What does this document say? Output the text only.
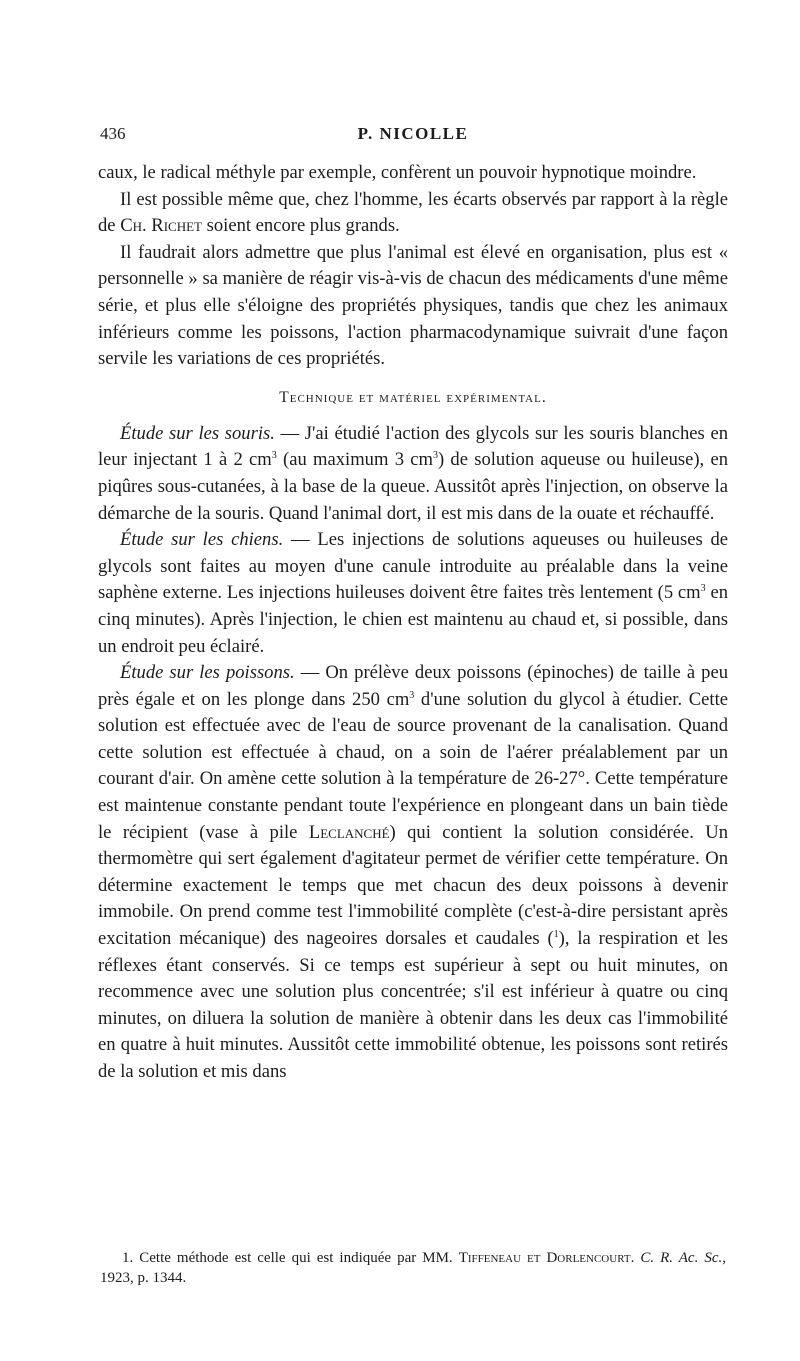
436	P. NICOLLE

caux, le radical méthyle par exemple, confèrent un pouvoir hypnotique moindre.

Il est possible même que, chez l'homme, les écarts observés par rapport à la règle de Ch. Richet soient encore plus grands.

Il faudrait alors admettre que plus l'animal est élevé en organisation, plus est « personnelle » sa manière de réagir vis-à-vis de chacun des médicaments d'une même série, et plus elle s'éloigne des propriétés physiques, tandis que chez les animaux inférieurs comme les poissons, l'action pharmacodynamique suivrait d'une façon servile les variations de ces propriétés.

Technique et matériel expérimental.

Étude sur les souris. — J'ai étudié l'action des glycols sur les souris blanches en leur injectant 1 à 2 $cm^3$ (au maximum 3 $cm^3$) de solution aqueuse ou huileuse), en piqûres sous-cutanées, à la base de la queue. Aussitôt après l'injection, on observe la démarche de la souris. Quand l'animal dort, il est mis dans de la ouate et réchauffé.

Étude sur les chiens. — Les injections de solutions aqueuses ou huileuses de glycols sont faites au moyen d'une canule introduite au préalable dans la veine saphène externe. Les injections huileuses doivent être faites très lentement (5 $cm^3$ en cinq minutes). Après l'injection, le chien est maintenu au chaud et, si possible, dans un endroit peu éclairé.

Étude sur les poissons. — On prélève deux poissons (épinoches) de taille à peu près égale et on les plonge dans 250 $cm^3$ d'une solution du glycol à étudier. Cette solution est effectuée avec de l'eau de source provenant de la canalisation. Quand cette solution est effectuée à chaud, on a soin de l'aérer préalablement par un courant d'air. On amène cette solution à la température de 26-27°. Cette température est maintenue constante pendant toute l'expérience en plongeant dans un bain tiède le récipient (vase à pile Leclanché) qui contient la solution considérée. Un thermomètre qui sert également d'agitateur permet de vérifier cette température. On détermine exactement le temps que met chacun des deux poissons à devenir immobile. On prend comme test l'immobilité complète (c'est-à-dire persistant après excitation mécanique) des nageoires dorsales et caudales ($^1$), la respiration et les réflexes étant conservés. Si ce temps est supérieur à sept ou huit minutes, on recommence avec une solution plus concentrée; s'il est inférieur à quatre ou cinq minutes, on diluera la solution de manière à obtenir dans les deux cas l'immobilité en quatre à huit minutes. Aussitôt cette immobilité obtenue, les poissons sont retirés de la solution et mis dans

1. Cette méthode est celle qui est indiquée par MM. Tiffeneau et Dorlencourt. C. R. Ac. Sc., 1923, p. 1344.
